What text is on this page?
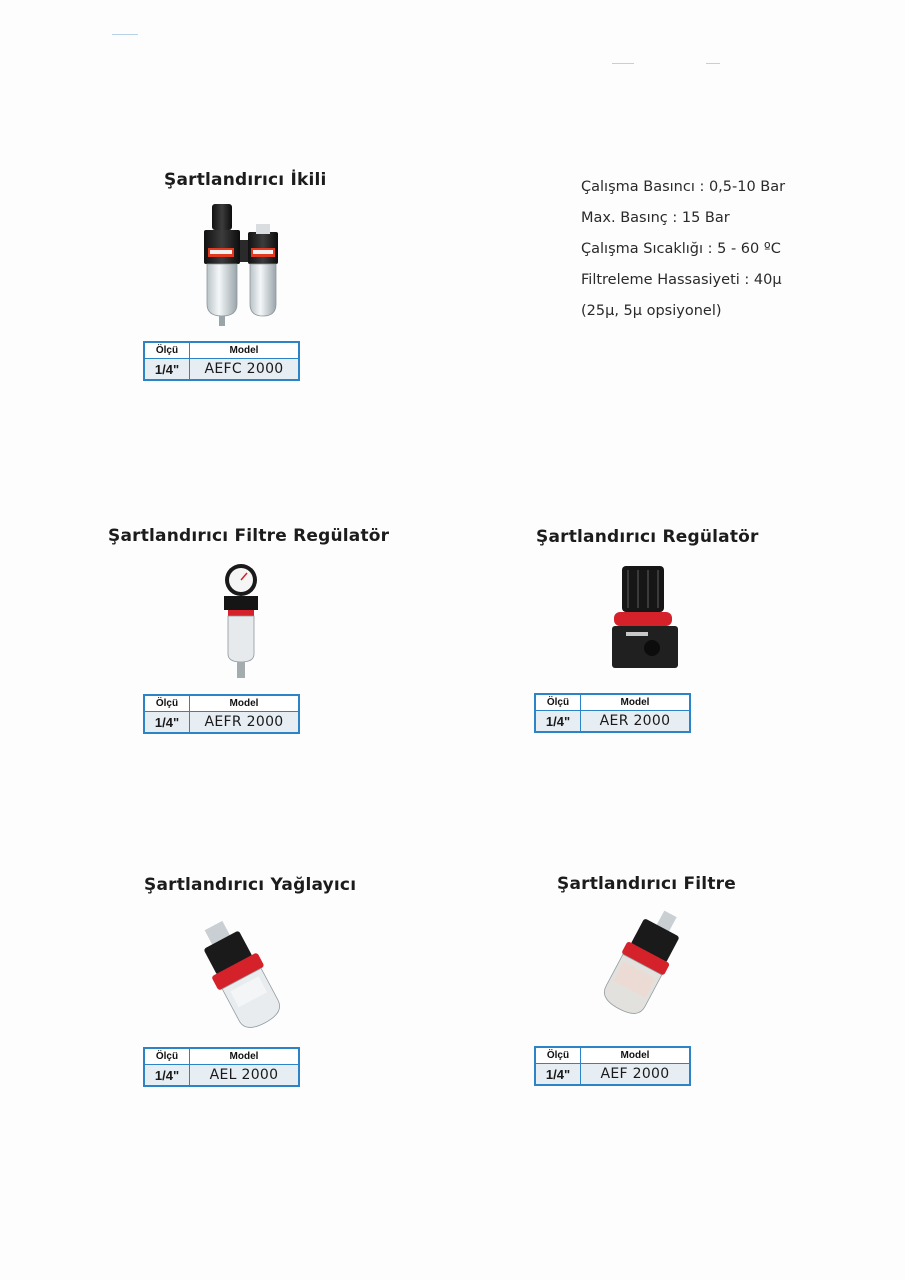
Şartlandırıcı İkili
Ölçü	Model
1/4"	AEFC 2000
Çalışma Basıncı : 0,5-10 Bar
Max. Basınç : 15 Bar
Çalışma Sıcaklığı : 5 - 60 ºC
Filtreleme Hassasiyeti : 40µ
(25µ, 5µ opsiyonel)
Şartlandırıcı Filtre Regülatör
Ölçü	Model
1/4"	AEFR 2000
Şartlandırıcı Regülatör
Ölçü	Model
1/4"	AER 2000
Şartlandırıcı Yağlayıcı
Ölçü	Model
1/4"	AEL 2000
Şartlandırıcı Filtre
Ölçü	Model
1/4"	AEF 2000
